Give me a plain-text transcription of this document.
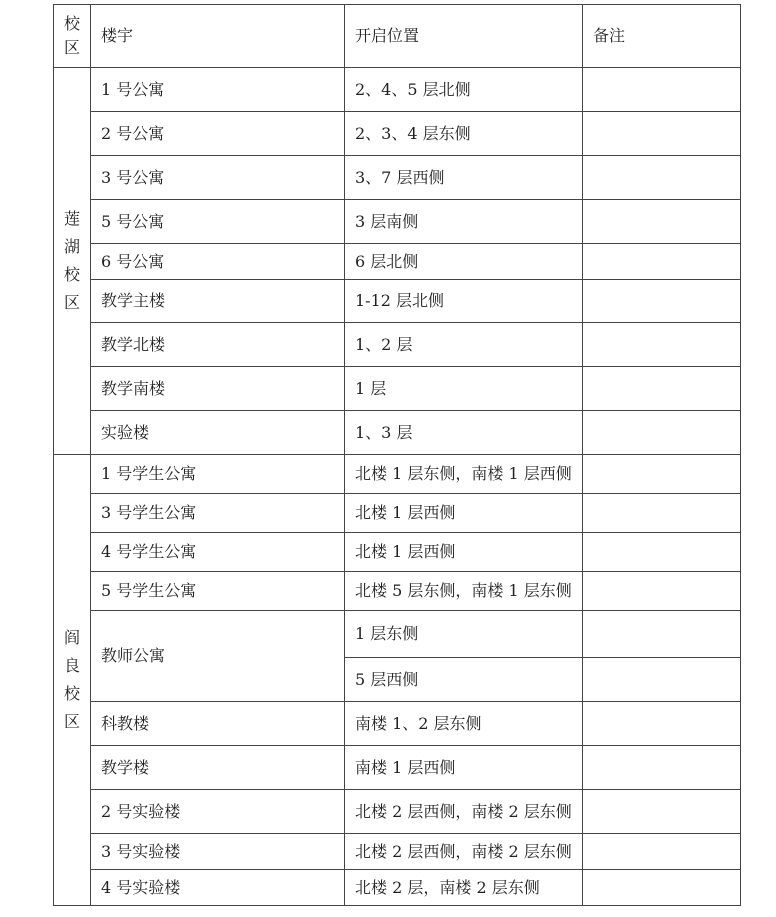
校区	楼宇	开启位置	备注
莲湖校区	1 号公寓	2、4、5 层北侧	
	2 号公寓	2、3、4 层东侧	
	3 号公寓	3、7 层西侧	
	5 号公寓	3 层南侧	
	6 号公寓	6 层北侧	
	教学主楼	1-12 层北侧	
	教学北楼	1、2 层	
	教学南楼	1 层	
	实验楼	1、3 层	
阎良校区	1 号学生公寓	北楼 1 层东侧，南楼 1 层西侧	
	3 号学生公寓	北楼 1 层西侧	
	4 号学生公寓	北楼 1 层西侧	
	5 号学生公寓	北楼 5 层东侧，南楼 1 层东侧	
	教师公寓	1 层东侧	
		5 层西侧	
	科教楼	南楼 1、2 层东侧	
	教学楼	南楼 1 层西侧	
	2 号实验楼	北楼 2 层西侧，南楼 2 层东侧	
	3 号实验楼	北楼 2 层西侧，南楼 2 层东侧	
	4 号实验楼	北楼 2 层，南楼 2 层东侧	
